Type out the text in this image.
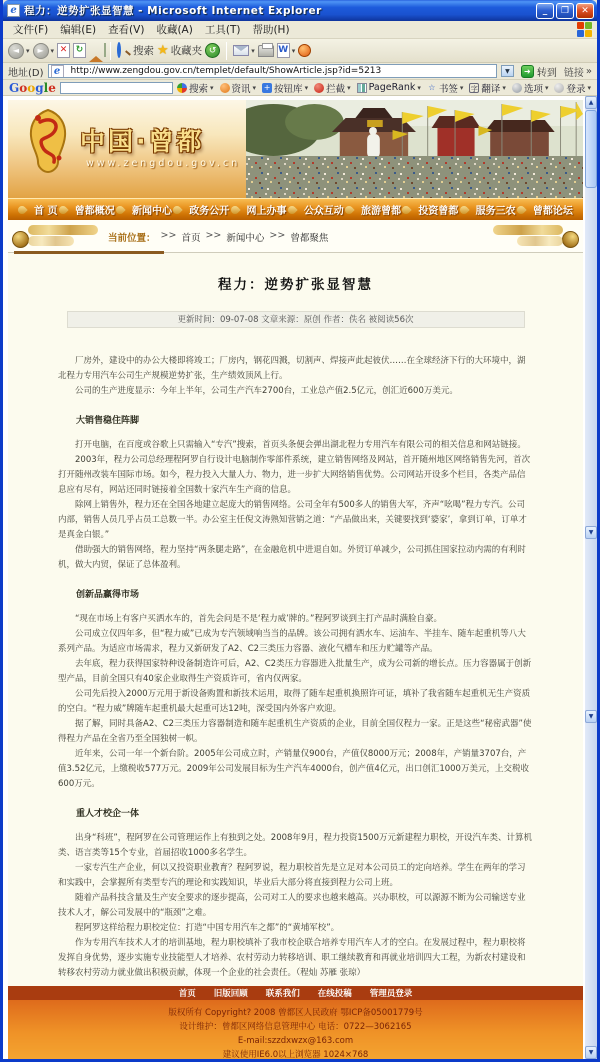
e 程力：逆势扩张显智慧 - Microsoft Internet Explorer	_	❐	✕
文件(F)	编辑(E)	查看(V)	收藏(A)	工具(T)	帮助(H)
◄ ▾ ► ▾ ✕ ↻	搜索 ★ 收藏夹 ↺	▾	W ▾
地址(D)	e	http://www.zengdou.gov.cn/templet/default/ShowArticle.jsp?id=5213	▼	➜ 转到 链接 »
Google	搜索 ▾ 资讯 ▾ + 按钮库 ▾ 拦截 ▾ PageRank ▾ ☆ 书签 ▾ 字 翻译 ▾ 选项 ▾ 登录 ▾
中国·曾都
www.zengdou.gov.cn
首 页 曾都概况 新闻中心 政务公开 网上办事 公众互动 旅游曾都 投资曾都 服务三农 曾都论坛
当前位置： >> 首页 >> 新闻中心 >> 曾都聚焦
程力：逆势扩张显智慧
更新时间：09-07-08 文章来源：原创 作者：佚名 被阅读56次
厂房外，建设中的办公大楼即将竣工；厂房内，钢花四溅，切割声、焊接声此起彼伏……在全球经济下行的大环境中，湖北程力专用汽车公司生产规模逆势扩张，生产绩效顶风上行。
公司的生产进度显示：今年上半年，公司生产汽车2700台，工业总产值2.5亿元，创汇近600万美元。
大销售稳住阵脚
打开电脑，在百度或谷歌上只需输入“专汽”搜索，首页头条便会弹出湖北程力专用汽车有限公司的相关信息和网站链接。
2003年，程力公司总经理程阿罗自行设计电脑制作零部件系统，建立销售网络及网站，首开随州地区网络销售先河，首次打开随州改装车国际市场。如今，程力投入大量人力、物力，进一步扩大网络销售优势。公司网站开设多个栏目，各类产品信息应有尽有，网站还同时链接着全国数十家汽车生产商的信息。
除网上销售外，程力还在全国各地建立起庞大的销售网络。公司全年有500多人的销售大军，齐声“吆喝”程力专汽。公司内部，销售人员几乎占员工总数一半。办公室主任倪文涛熟知营销之道：“产品做出来，关键要找到‘婆家’，拿到订单，订单才是真金白银。”
借助强大的销售网络，程力坚持“两条腿走路”，在金融危机中进退自如。外贸订单减少，公司抓住国家拉动内需的有利时机，做大内贸，保证了总体盈利。
创新品赢得市场
“现在市场上有客户买洒水车的，首先会问是不是‘程力威’牌的。”程阿罗谈到主打产品时满脸自豪。
公司成立仅四年多，但“程力威”已成为专汽领域响当当的品牌。该公司拥有洒水车、运油车、半挂车、随车起重机等八大系列产品。为适应市场需求，程力又新研发了A2、C2三类压力容器、液化气槽车和压力贮罐等产品。
去年底，程力获得国家特种设备制造许可后，A2、C2类压力容器进入批量生产，成为公司新的增长点。压力容器属于创新型产品，目前全国只有40家企业取得生产资质许可，省内仅两家。
公司先后投入2000万元用于新设备购置和新技术运用，取得了随车起重机换照许可证，填补了我省随车起重机无生产资质的空白。“程力威”牌随车起重机最大起重可达12吨，深受国内外客户欢迎。
据了解，同时具备A2、C2三类压力容器制造和随车起重机生产资质的企业，目前全国仅程力一家。正是这些“秘密武器”使得程力产品在全省乃至全国独树一帜。
近年来，公司一年一个新台阶。2005年公司成立时，产销量仅900台，产值仅8000万元；2008年，产销量3707台，产值3.52亿元，上缴税收577万元。2009年公司发展目标为生产汽车4000台，创产值4亿元，出口创汇1000万美元，上交税收600万元。
重人才校企一体
出身“科班”，程阿罗在公司管理运作上有独到之处。2008年9月，程力投资1500万元新建程力职校，开设汽车类、计算机类、语言类等15个专业，首届招收1000多名学生。
一家专汽生产企业，何以又投资职业教育？程阿罗说，程力职校首先是立足对本公司员工的定向培养。学生在两年的学习和实践中，会掌握所有类型专汽的理论和实践知识，毕业后大部分将直接到程力公司上班。
随着产品科技含量及生产安全要求的逐步提高，公司对工人的要求也越来越高。兴办职校，可以源源不断为公司输送专业技术人才，解公司发展中的“瓶颈”之难。
程阿罗这样给程力职校定位：打造“中国专用汽车之都”的“黄埔军校”。
作为专用汽车技术人才的培训基地，程力职校填补了我市校企联合培养专用汽车人才的空白。在发展过程中，程力职校将发挥自身优势，逐步实施专业技能型人才培养、农村劳动力转移培训、职工继续教育和再就业培训四大工程，为新农村建设和转移农村劳动力就业做出积极贡献，体现一个企业的社会责任。（程灿 苏雁 张琼）
首页 旧版回顾 联系我们 在线投稿 管理员登录
版权所有 Copyright? 2008 曾都区人民政府 鄂ICP备05001779号
设计维护：曾都区网络信息管理中心 电话：0722—3062165
E-mail:szzdxwzx@163.com
建议使用IE6.0以上浏览器 1024×768
▲
▼
▼
▼
